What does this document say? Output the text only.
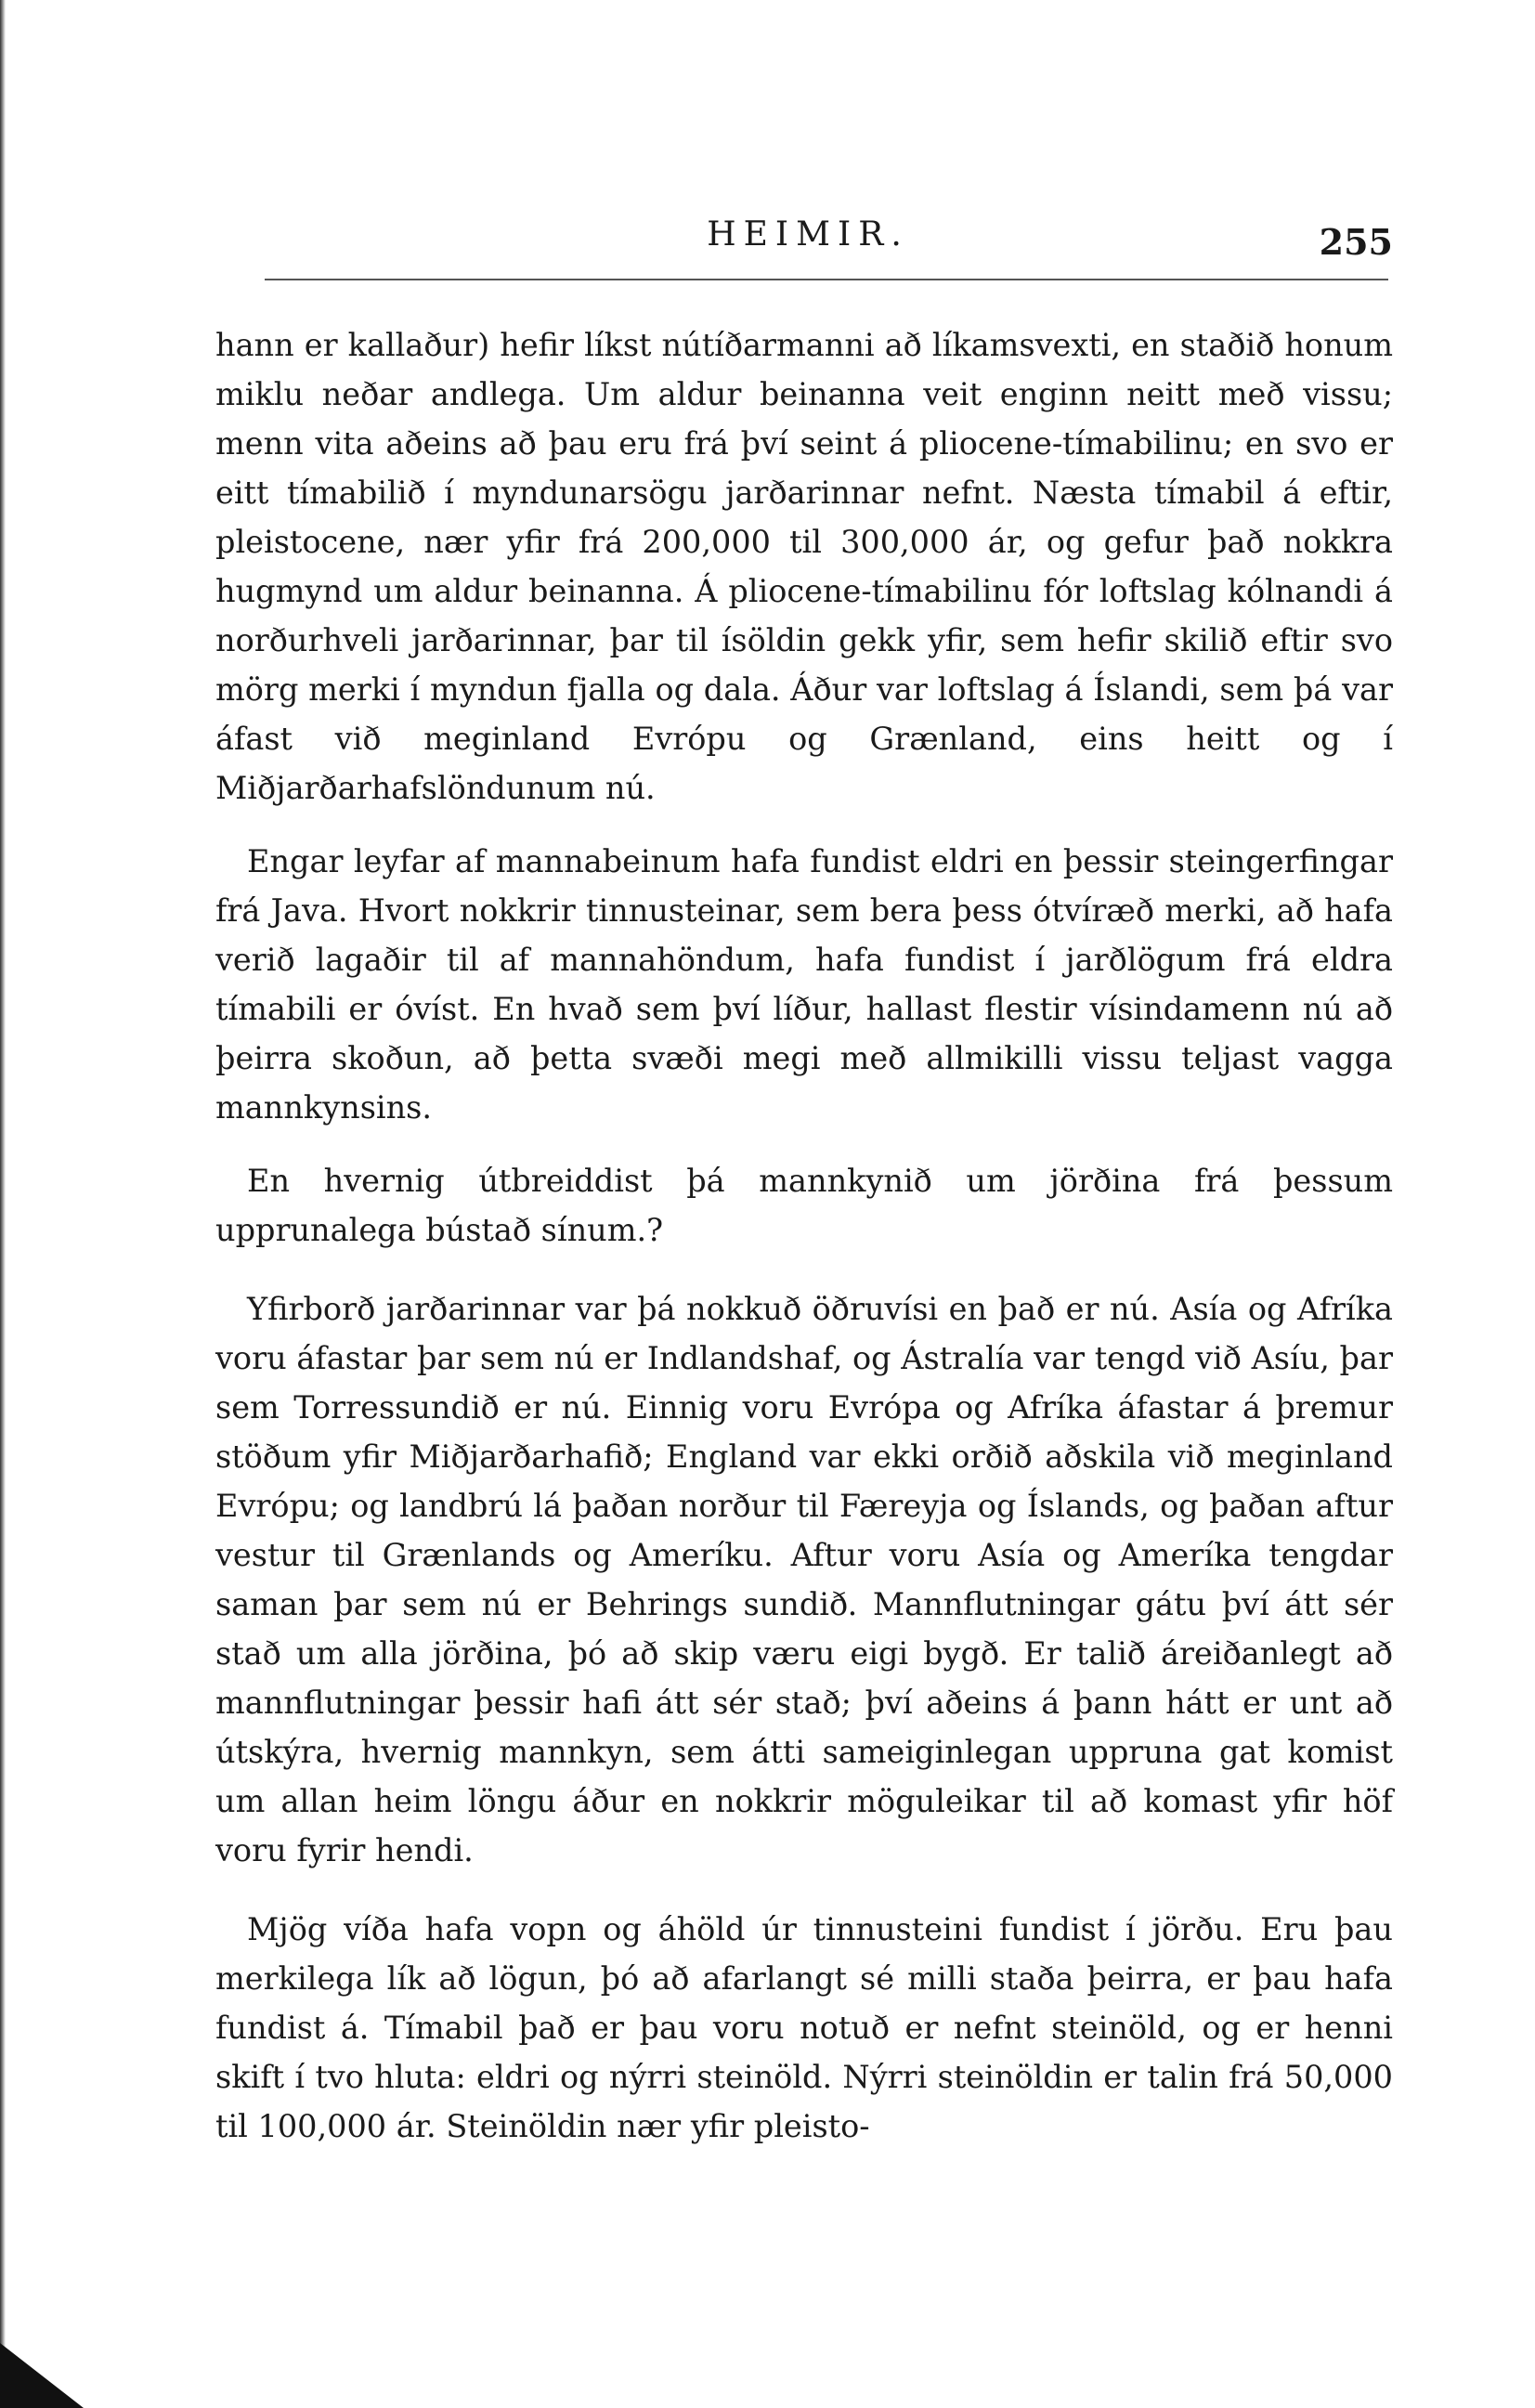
HEIMIR.	255

hann er kallaður) hefir líkst nútíðarmanni að líkamsvexti, en staðið honum miklu neðar andlega. Um aldur beinanna veit enginn neitt með vissu; menn vita aðeins að þau eru frá því seint á pliocene-tímabilinu; en svo er eitt tímabilið í myndunarsögu jarðarinnar nefnt. Næsta tímabil á eftir, pleistocene, nær yfir frá 200,000 til 300,000 ár, og gefur það nokkra hugmynd um aldur beinanna. Á pliocene-tímabilinu fór loftslag kólnandi á norðurhveli jarðarinnar, þar til ísöldin gekk yfir, sem hefir skilið eftir svo mörg merki í myndun fjalla og dala. Áður var loftslag á Íslandi, sem þá var áfast við meginland Evrópu og Grænland, eins heitt og í Miðjarðarhafslöndunum nú.

Engar leyfar af mannabeinum hafa fundist eldri en þessir steingerfingar frá Java. Hvort nokkrir tinnusteinar, sem bera þess ótvíræð merki, að hafa verið lagaðir til af mannahöndum, hafa fundist í jarðlögum frá eldra tímabili er óvíst. En hvað sem því líður, hallast flestir vísindamenn nú að þeirra skoðun, að þetta svæði megi með allmikilli vissu teljast vagga mannkynsins.

En hvernig útbreiddist þá mannkynið um jörðina frá þessum upprunalega bústað sínum.?

Yfirborð jarðarinnar var þá nokkuð öðruvísi en það er nú. Asía og Afríka voru áfastar þar sem nú er Indlandshaf, og Ástralía var tengd við Asíu, þar sem Torressundið er nú. Einnig voru Evrópa og Afríka áfastar á þremur stöðum yfir Miðjarðarhafið; England var ekki orðið aðskila við meginland Evrópu; og landbrú lá þaðan norður til Færeyja og Íslands, og þaðan aftur vestur til Grænlands og Ameríku. Aftur voru Asía og Ameríka tengdar saman þar sem nú er Behrings sundið. Mannflutningar gátu því átt sér stað um alla jörðina, þó að skip væru eigi bygð. Er talið áreiðanlegt að mannflutningar þessir hafi átt sér stað; því aðeins á þann hátt er unt að útskýra, hvernig mannkyn, sem átti sameiginlegan uppruna gat komist um allan heim löngu áður en nokkrir möguleikar til að komast yfir höf voru fyrir hendi.

Mjög víða hafa vopn og áhöld úr tinnusteini fundist í jörðu. Eru þau merkilega lík að lögun, þó að afarlangt sé milli staða þeirra, er þau hafa fundist á. Tímabil það er þau voru notuð er nefnt steinöld, og er henni skift í tvo hluta: eldri og nýrri steinöld. Nýrri steinöldin er talin frá 50,000 til 100,000 ár. Steinöldin nær yfir pleisto-
